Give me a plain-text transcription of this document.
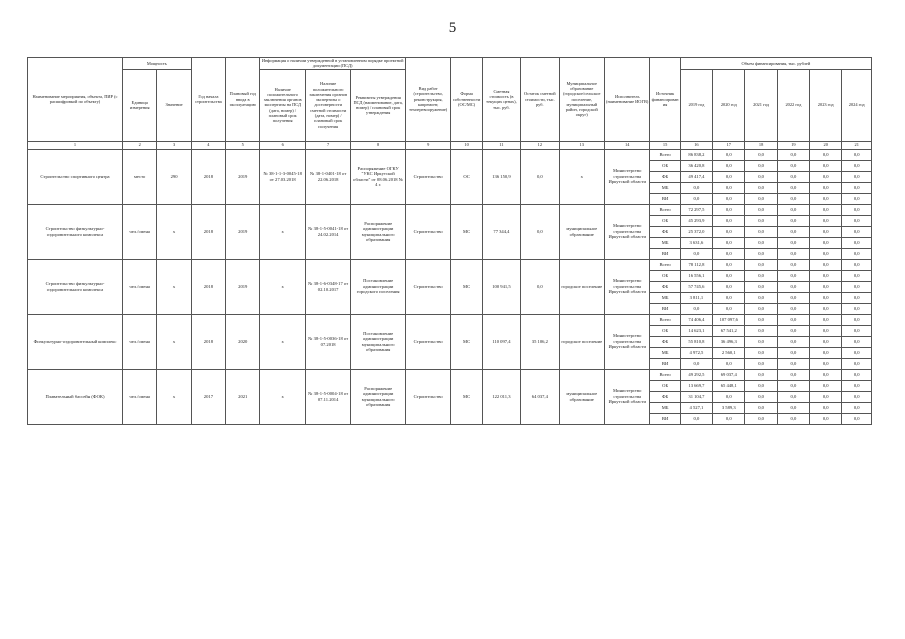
5
Наименование мероприятия, объекта, ПИР (с расшифровкой по объекту)	Мощность		Год начала строительства	Плановый год ввода в эксплуатацию	Информация о наличии утвержденной в установленном порядке проектной документации (ПСД)			Вид работ (строительство, реконструкция, капремонт, техперевооружение)	Форма собственности (ОС/МС)	Сметная стоимость (в текущих ценах), тыс. руб.	Остаток сметной стоимости, тыс. руб.	Муниципальное образование (городское/сельское поселение, муниципальный район, городской округ)	Исполнитель (наименование ИОГВ)	Источник финансирования	Объем финансирования, тыс. рублей					
	Единица измерения	Значение			Наличие положительного заключения органов экспертизы на ПСД (дата, номер) / плановый срок получения	Наличие положительного заключения органов экспертизы о достоверности сметной стоимости (дата, номер) / плановый срок получения	Реквизиты утверждения ПСД (наименование, дата, номер) / плановый срок утверждения								2019 год	2020 год	2021 год	2022 год	2023 год	2024 год
1	2	3	4	5	6	7	8	9	10	11	12	13	14	15	16	17	18	19	20	21
Строительство спортивного центра	место	290	2018	2019	№ 38-1-1-3-0045-18 от 27.03.2018	№ 38-1-0401-18 от 22.06.2018	Распоряжение ОГКУ "УКС Иркутской области" от 08.06.2018 № 4 г.	Строительство	ОС	136 150,9	0,0	х	Министерство строительства Иркутской области	Всего	86 838,2	0,0	0,0	0,0	0,0	0,0
														ОБ	36 420,8	0,0	0,0	0,0	0,0	0,0
														ФБ	49 417,4	0,0	0,0	0,0	0,0	0,0
														МБ	0,0	0,0	0,0	0,0	0,0	0,0
														ВИ	0,0	0,0	0,0	0,0	0,0	0,0
Строительство физкультурно-оздоровительного комплекса	чел./смена	х	2018	2019	х	№ 38-1-5-0041-18 от 24.02.2014	Распоряжение администрации муниципального образования	Строительство	МС	77 344,4	0,0	муниципальное образование	Министерство строительства Иркутской области	Всего	72 297,5	0,0	0,0	0,0	0,0	0,0
														ОБ	45 293,9	0,0	0,0	0,0	0,0	0,0
														ФБ	25 372,0	0,0	0,0	0,0	0,0	0,0
														МБ	3 631,6	0,0	0,0	0,0	0,0	0,0
														ВИ	0,0	0,0	0,0	0,0	0,0	0,0
Строительство физкультурно-оздоровительного комплекса	чел./смена	х	2018	2019	х	№ 38-1-6-0348-17 от 02.10.2017	Постановление администрации городского поселения	Строительство	МС	100 941,5	0,0	городское поселение	Министерство строительства Иркутской области	Всего	78 112,8	0,0	0,0	0,0	0,0	0,0
														ОБ	16 556,1	0,0	0,0	0,0	0,0	0,0
														ФБ	57 745,6	0,0	0,0	0,0	0,0	0,0
														МБ	3 811,1	0,0	0,0	0,0	0,0	0,0
														ВИ	0,0	0,0	0,0	0,0	0,0	0,0
Физкультурно-оздоровительный комплекс	чел./смена	х	2018	2020	х	№ 38-1-5-0036-18 от 07.2018	Постановление администрации муниципального образования	Строительство	МС	110 097,4	35 106,2	городское поселение	Министерство строительства Иркутской области	Всего	74 406,4	107 097,6	0,0	0,0	0,0	0,0
														ОБ	14 623,1	67 541,2	0,0	0,0	0,0	0,0
														ФБ	55 810,8	36 496,3	0,0	0,0	0,0	0,0
														МБ	4 972,5	2 560,1	0,0	0,0	0,0	0,0
														ВИ	0,0	0,0	0,0	0,0	0,0	0,0
Плавательный бассейн (ФОК)	чел./смена	х	2017	2021	х	№ 38-1-5-0004-18 от 07.11.2014	Распоряжение администрации муниципального образования	Строительство	МС	122 011,3	64 037,4	муниципальное образование	Министерство строительства Иркутской области	Всего	49 292,5	69 037,4	0,0	0,0	0,0	0,0
														ОБ	13 669,7	65 448,1	0,0	0,0	0,0	0,0
														ФБ	31 104,7	0,0	0,0	0,0	0,0	0,0
														МБ	4 527,1	3 589,3	0,0	0,0	0,0	0,0
														ВИ	0,0	0,0	0,0	0,0	0,0	0,0
